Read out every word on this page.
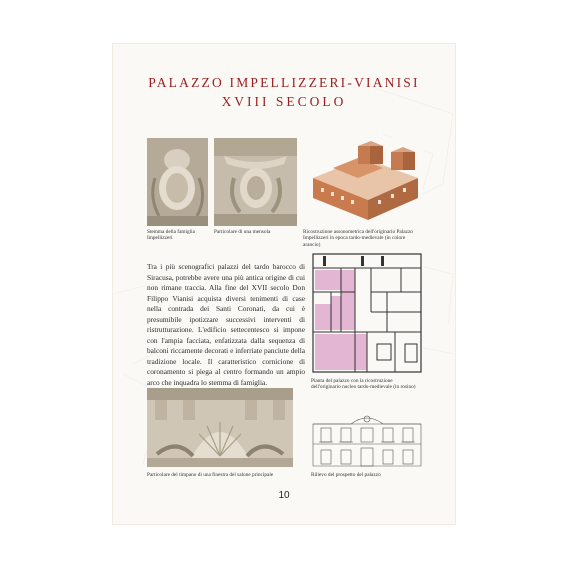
PALAZZO IMPELLIZZERI-VIANISI
XVIII SECOLO
Stemma della famiglia Impellizzeri
Particolare di una mensola	Ricostruzione assonometrica dell'originario Palazzo Impellizzeri in epoca tardo-medievale (in colore arancio)
Tra i più scenografici palazzi del tardo barocco di Siracusa, potrebbe avere una più antica origine di cui non rimane traccia. Alla fine del XVII secolo Don Filippo Vianisi acquista diversi tenimenti di case nella contrada dei Santi Coronati, da cui è presumibile ipotizzare successivi interventi di ristrutturazione. L'edificio settecentesco si impone con l'ampia facciata, enfatizzata dalla sequenza di balconi riccamente decorati e inferriate panciute della tradizione locale. Il caratteristico cornicione di coronamento si piega al centro formando un ampio arco che inquadra lo stemma di famiglia.	Pianta del palazzo con la ricostruzione dell'originario nucleo tardo-medievale (in rosino)
Particolare del timpano di una finestra del salone principale	Rilievo del prospetto del palazzo
10
